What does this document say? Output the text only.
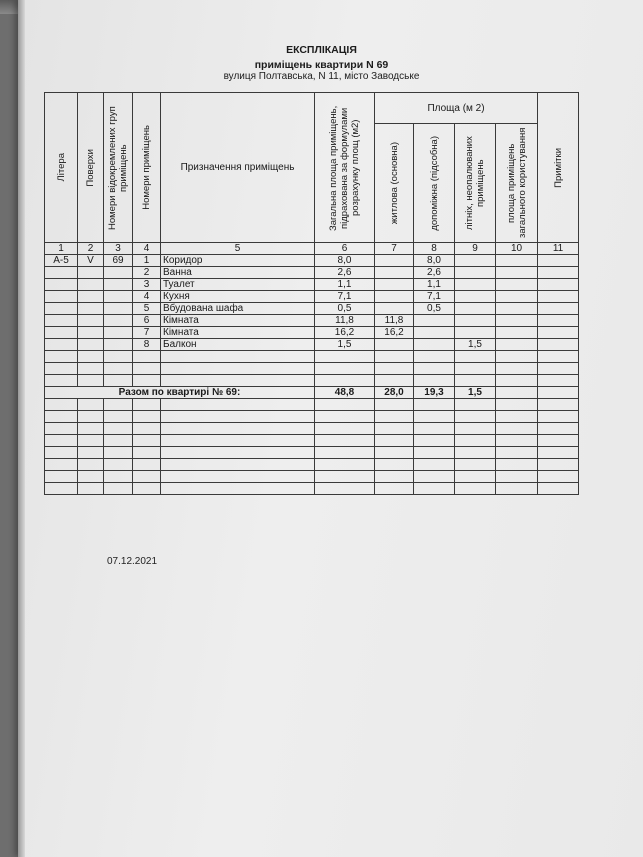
ЕКСПЛІКАЦІЯ
приміщень квартири N 69
вулиця Полтавська, N 11, місто Заводське
Літера	Поверхи	Номери відокремлених груп приміщень	Номери приміщень	Призначення приміщень	Загальна площа приміщень, підрахована за формулами розрахунку площ (м2)	Площа (м 2)				Примітки

						житлова (основна)	допоміжна (підсобна)	літніх, неопалюваних приміщень	площа приміщень загального користування	

1	2	3	4	5	6	7	8	9	10	11
А-5	V	69	1	Коридор	8,0		8,0			
			2	Ванна	2,6		2,6			
			3	Туалет	1,1		1,1			
			4	Кухня	7,1		7,1			
			5	Вбудована шафа	0,5		0,5			
			6	Кімната	11,8	11,8				
			7	Кімната	16,2	16,2				
			8	Балкон	1,5			1,5		

Разом по квартирі № 69:					48,8	28,0	19,3	1,5		

07.12.2021
